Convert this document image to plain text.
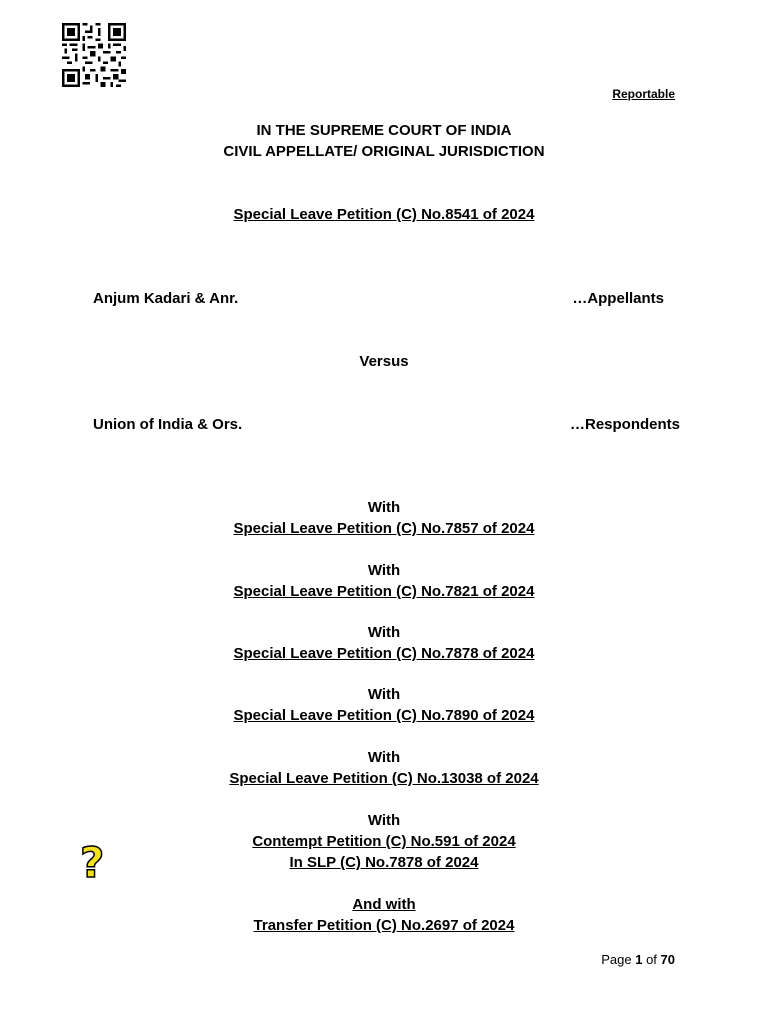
Reportable
IN THE SUPREME COURT OF INDIA
CIVIL APPELLATE/ ORIGINAL JURISDICTION
Special Leave Petition (C) No.8541 of 2024
Anjum Kadari & Anr.	…Appellants
Versus
Union of India & Ors.	…Respondents
With
Special Leave Petition (C) No.7857 of 2024
With
Special Leave Petition (C) No.7821 of 2024
With
Special Leave Petition (C) No.7878 of 2024
With
Special Leave Petition (C) No.7890 of 2024
With
Special Leave Petition (C) No.13038 of 2024
With
Contempt Petition (C) No.591 of 2024
In SLP (C) No.7878 of 2024
And with
Transfer Petition (C) No.2697 of 2024
?
Page 1 of 70
